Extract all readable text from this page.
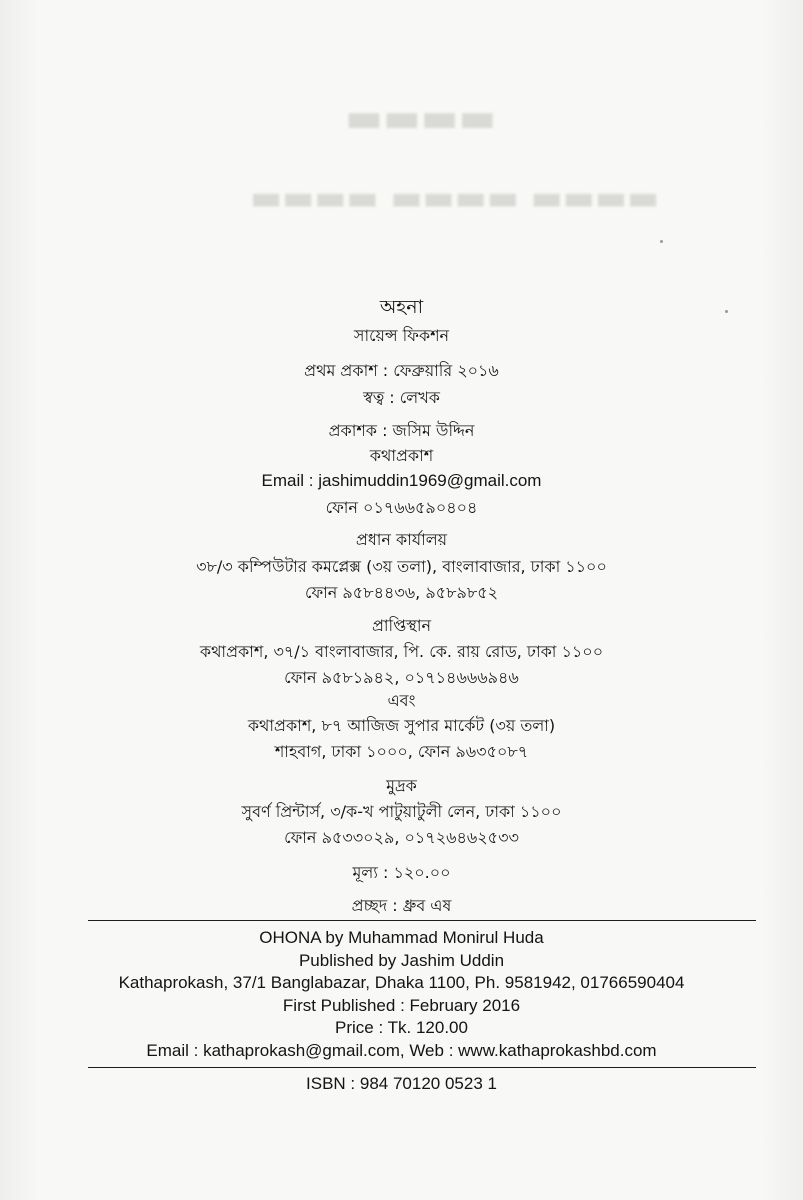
▬▬▬▬
▬▬▬▬ ▬▬▬▬ ▬▬▬▬
অহনা
সায়েন্স ফিকশন
প্রথম প্রকাশ : ফেব্রুয়ারি ২০১৬
স্বত্ব : লেখক
প্রকাশক : জসিম উদ্দিন
কথাপ্রকাশ
Email : jashimuddin1969@gmail.com
ফোন ০১৭৬৬৫৯০৪০৪
প্রধান কার্যালয়
৩৮/৩ কম্পিউটার কমপ্লেক্স (৩য় তলা), বাংলাবাজার, ঢাকা ১১০০
ফোন ৯৫৮৪৪৩৬, ৯৫৮৯৮৫২
প্রাপ্তিস্থান
কথাপ্রকাশ, ৩৭/১ বাংলাবাজার, পি. কে. রায় রোড, ঢাকা ১১০০
ফোন ৯৫৮১৯৪২, ০১৭১৪৬৬৬৯৪৬
এবং
কথাপ্রকাশ, ৮৭ আজিজ সুপার মার্কেট (৩য় তলা)
শাহবাগ, ঢাকা ১০০০, ফোন ৯৬৩৫০৮৭
মুদ্রক
সুবর্ণ প্রিন্টার্স, ৩/ক-খ পাটুয়াটুলী লেন, ঢাকা ১১০০
ফোন ৯৫৩৩০২৯, ০১৭২৬৪৬২৫৩৩
মূল্য : ১২০.০০
প্রচ্ছদ : ধ্রুব এষ
OHONA by Muhammad Monirul Huda
Published by Jashim Uddin
Kathaprokash, 37/1 Banglabazar, Dhaka 1100, Ph. 9581942, 01766590404
First Published : February 2016
Price : Tk. 120.00
Email : kathaprokash@gmail.com, Web : www.kathaprokashbd.com
ISBN : 984 70120 0523 1
